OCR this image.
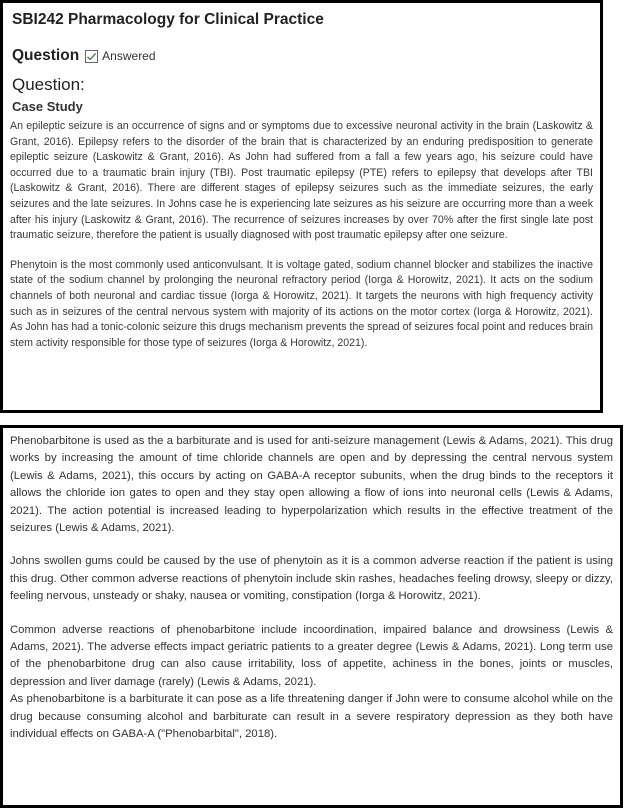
SBI242 Pharmacology for Clinical Practice
Question Answered
Question:
Case Study

An epileptic seizure is an occurrence of signs and or symptoms due to excessive neuronal activity in the brain (Laskowitz & Grant, 2016). Epilepsy refers to the disorder of the brain that is characterized by an enduring predisposition to generate epileptic seizure (Laskowitz & Grant, 2016). As John had suffered from a fall a few years ago, his seizure could have occurred due to a traumatic brain injury (TBI). Post traumatic epilepsy (PTE) refers to epilepsy that develops after TBI (Laskowitz & Grant, 2016). There are different stages of epilepsy seizures such as the immediate seizures, the early seizures and the late seizures. In Johns case he is experiencing late seizures as his seizure are occurring more than a week after his injury (Laskowitz & Grant, 2016). The recurrence of seizures increases by over 70% after the first single late post traumatic seizure, therefore the patient is usually diagnosed with post traumatic epilepsy after one seizure.

Phenytoin is the most commonly used anticonvulsant. It is voltage gated, sodium channel blocker and stabilizes the inactive state of the sodium channel by prolonging the neuronal refractory period (Iorga & Horowitz, 2021). It acts on the sodium channels of both neuronal and cardiac tissue (Iorga & Horowitz, 2021). It targets the neurons with high frequency activity such as in seizures of the central nervous system with majority of its actions on the motor cortex (Iorga & Horowitz, 2021). As John has had a tonic-colonic seizure this drugs mechanism prevents the spread of seizures focal point and reduces brain stem activity responsible for those type of seizures (Iorga & Horowitz, 2021).

Phenobarbitone is used as the a barbiturate and is used for anti-seizure management (Lewis & Adams, 2021). This drug works by increasing the amount of time chloride channels are open and by depressing the central nervous system (Lewis & Adams, 2021), this occurs by acting on GABA-A receptor subunits, when the drug binds to the receptors it allows the chloride ion gates to open and they stay open allowing a flow of ions into neuronal cells (Lewis & Adams, 2021). The action potential is increased leading to hyperpolarization which results in the effective treatment of the seizures (Lewis & Adams, 2021).

Johns swollen gums could be caused by the use of phenytoin as it is a common adverse reaction if the patient is using this drug. Other common adverse reactions of phenytoin include skin rashes, headaches feeling drowsy, sleepy or dizzy, feeling nervous, unsteady or shaky, nausea or vomiting, constipation (Iorga & Horowitz, 2021).

Common adverse reactions of phenobarbitone include incoordination, impaired balance and drowsiness (Lewis & Adams, 2021). The adverse effects impact geriatric patients to a greater degree (Lewis & Adams, 2021). Long term use of the phenobarbitone drug can also cause irritability, loss of appetite, achiness in the bones, joints or muscles, depression and liver damage (rarely) (Lewis & Adams, 2021).

As phenobarbitone is a barbiturate it can pose as a life threatening danger if John were to consume alcohol while on the drug because consuming alcohol and barbiturate can result in a severe respiratory depression as they both have individual effects on GABA-A ("Phenobarbital", 2018).
